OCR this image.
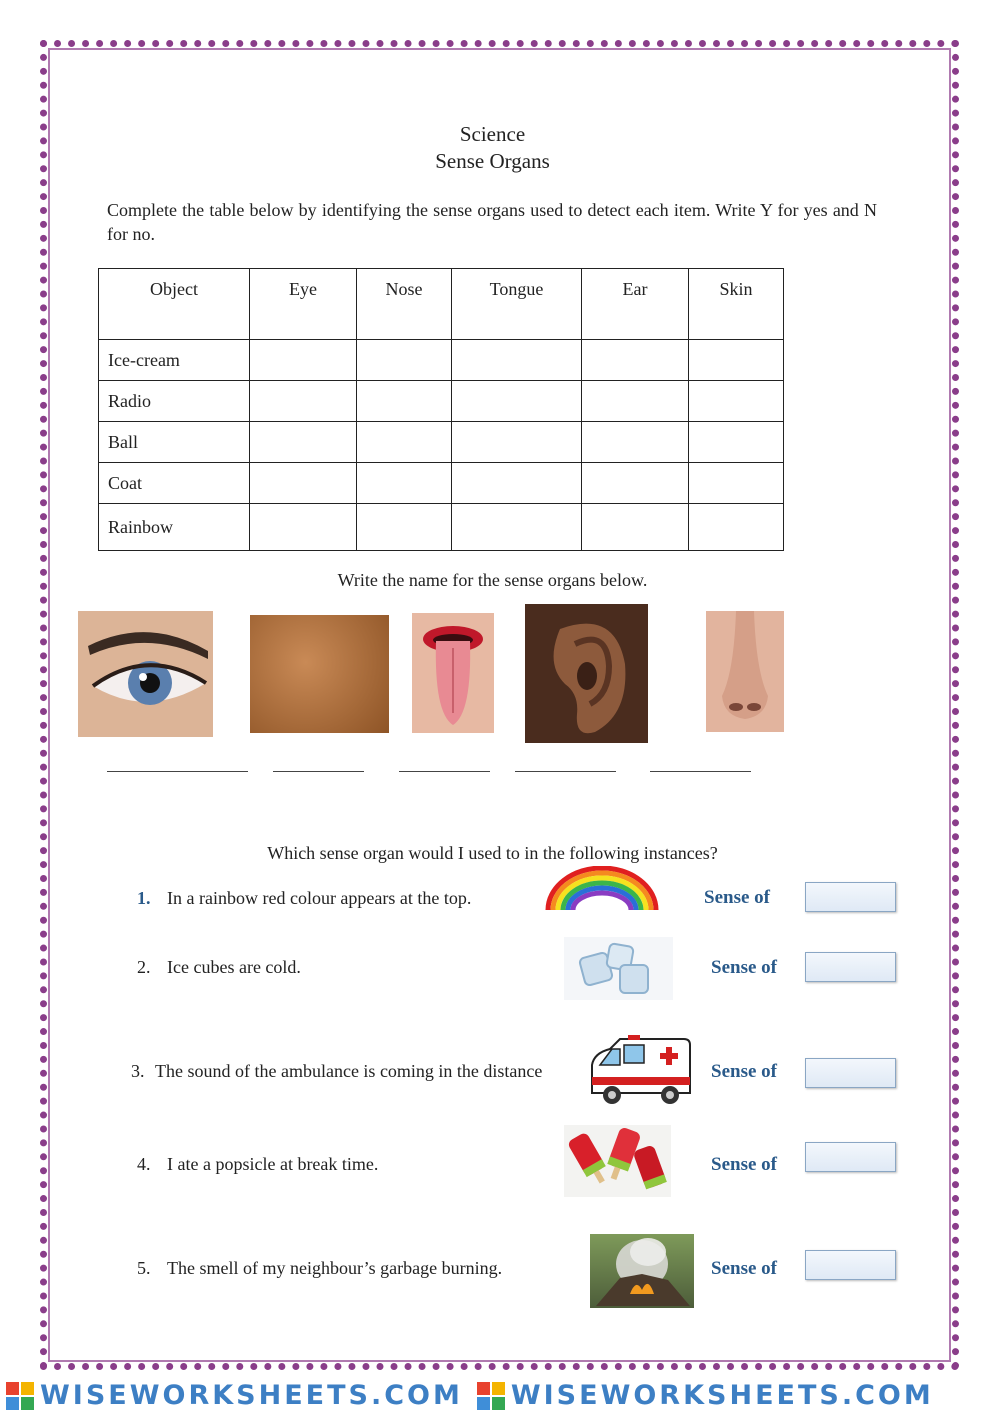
Science
Sense Organs
Complete the table below by identifying the sense organs used to detect each item. Write Y for yes and N for no.
Object	Eye	Nose	Tongue	Ear	Skin
Ice-cream					
Radio					
Ball					
Coat					
Rainbow					
Write the name for the sense organs below.
Which sense organ would I used to in the following instances?
1. In a rainbow red colour appears at the top.	Sense of
2. Ice cubes are cold.	Sense of
3. The sound of the ambulance is coming in the distance	Sense of
4. I ate a popsicle at break time.	Sense of
5. The smell of my neighbour’s garbage burning.	Sense of
WISEWORKSHEETS.COM WISEWORKSHEETS.COM
